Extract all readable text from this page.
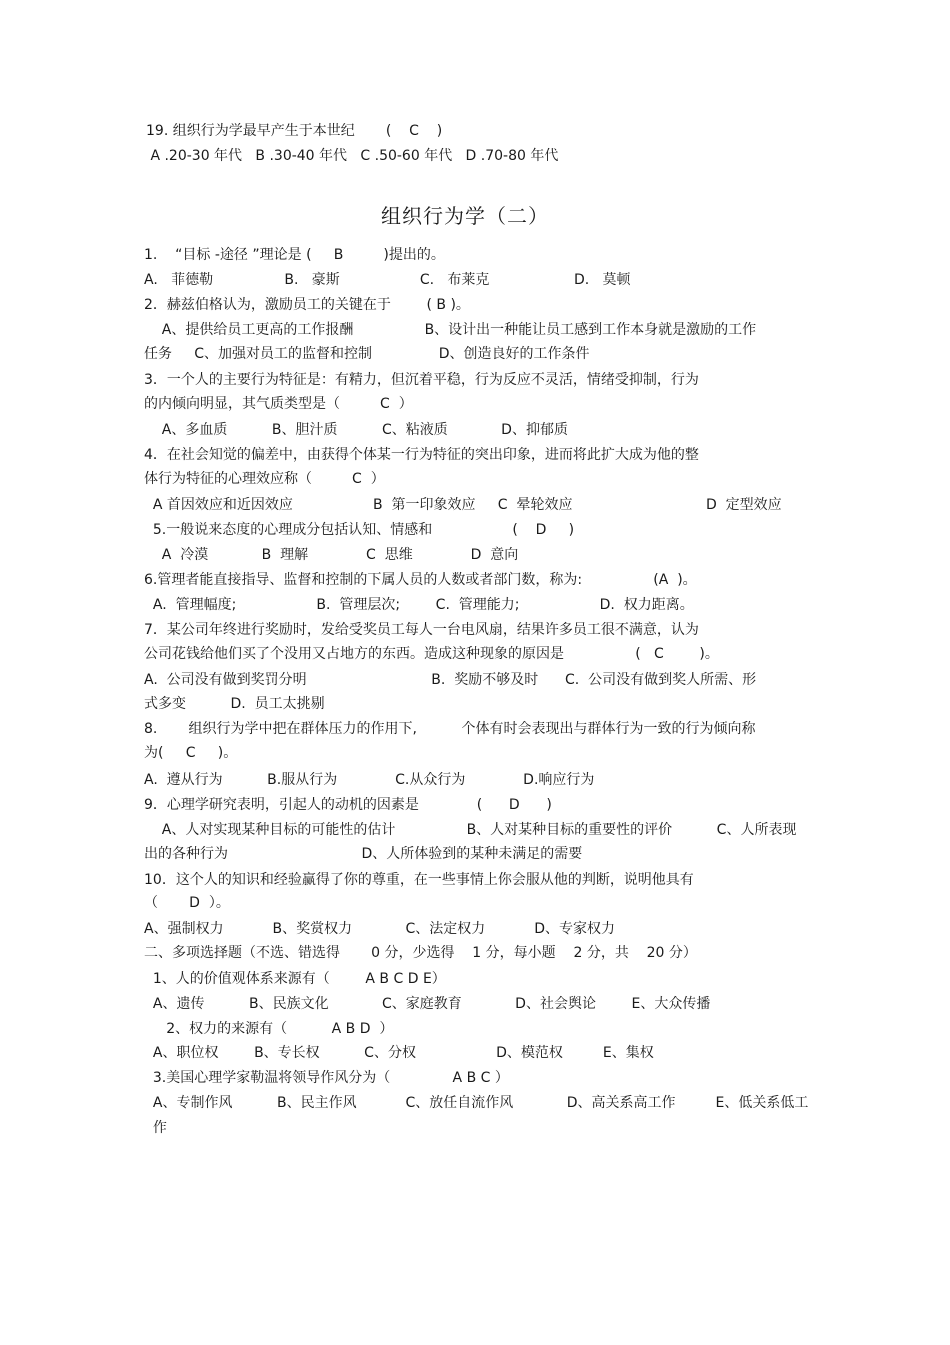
19. 组织行为学最早产生于本世纪       (    C    )
A .20-30 年代   B .30-40 年代   C .50-60 年代   D .70-80 年代
组织行为学（二）
1.    “目标 -途径 ”理论是 (     B         )提出的。
A.   菲德勒                B.   豪斯                  C.   布莱克                   D.   莫顿
2．赫兹伯格认为，激励员工的关键在于        ( B )。
A、提供给员工更高的工作报酬                B、设计出一种能让员工感到工作本身就是激励的工作
任务     C、加强对员工的监督和控制               D、创造良好的工作条件
3．一个人的主要行为特征是：有精力，但沉着平稳，行为反应不灵活，情绪受抑制，行为
的内倾向明显，其气质类型是（         C  ）
A、多血质          B、胆汁质          C、粘液质            D、抑郁质
4．在社会知觉的偏差中，由获得个体某一行为特征的突出印象，进而将此扩大成为他的整
体行为特征的心理效应称（         C  ）
A 首因效应和近因效应                  B  第一印象效应     C  晕轮效应                              D  定型效应
5.一般说来态度的心理成分包括认知、情感和                  (    D     )
A  冷漠            B  理解             C  思维             D  意向
6.管理者能直接指导、监督和控制的下属人员的人数或者部门数，称为:                (A  )。
A.  管理幅度;                  B.  管理层次;        C.  管理能力;                  D.  权力距离。
7．某公司年终进行奖励时，发给受奖员工每人一台电风扇，结果许多员工很不满意，认为
公司花钱给他们买了个没用又占地方的东西。造成这种现象的原因是                (   C        )。
A.  公司没有做到奖罚分明                            B.  奖励不够及时      C.  公司没有做到奖人所需、形
式多变          D.  员工太挑剔
8.       组织行为学中把在群体压力的作用下,          个体有时会表现出与群体行为一致的行为倾向称
为(     C     )。
A.  遵从行为          B.服从行为             C.从众行为             D.响应行为
9．心理学研究表明，引起人的动机的因素是             (      D      )
A、人对实现某种目标的可能性的估计                B、人对某种目标的重要性的评价          C、人所表现
出的各种行为                              D、人所体验到的某种未满足的需要
10．这个人的知识和经验赢得了你的尊重，在一些事情上你会服从他的判断，说明他具有
（       D  ）。
A、强制权力           B、奖赏权力            C、法定权力           D、专家权力
二、多项选择题（不选、错选得       0 分，少选得    1 分，每小题    2 分，共    20 分）
1、人的价值观体系来源有（        A B C D E）
A、遗传          B、民族文化            C、家庭教育            D、社会舆论        E、大众传播
2、权力的来源有（          A B D  ）
A、职位权        B、专长权          C、分权                  D、模范权         E、集权
3.美国心理学家勒温将领导作风分为（              A B C ）
A、专制作风          B、民主作风           C、放任自流作风            D、高关系高工作         E、低关系低工
作
